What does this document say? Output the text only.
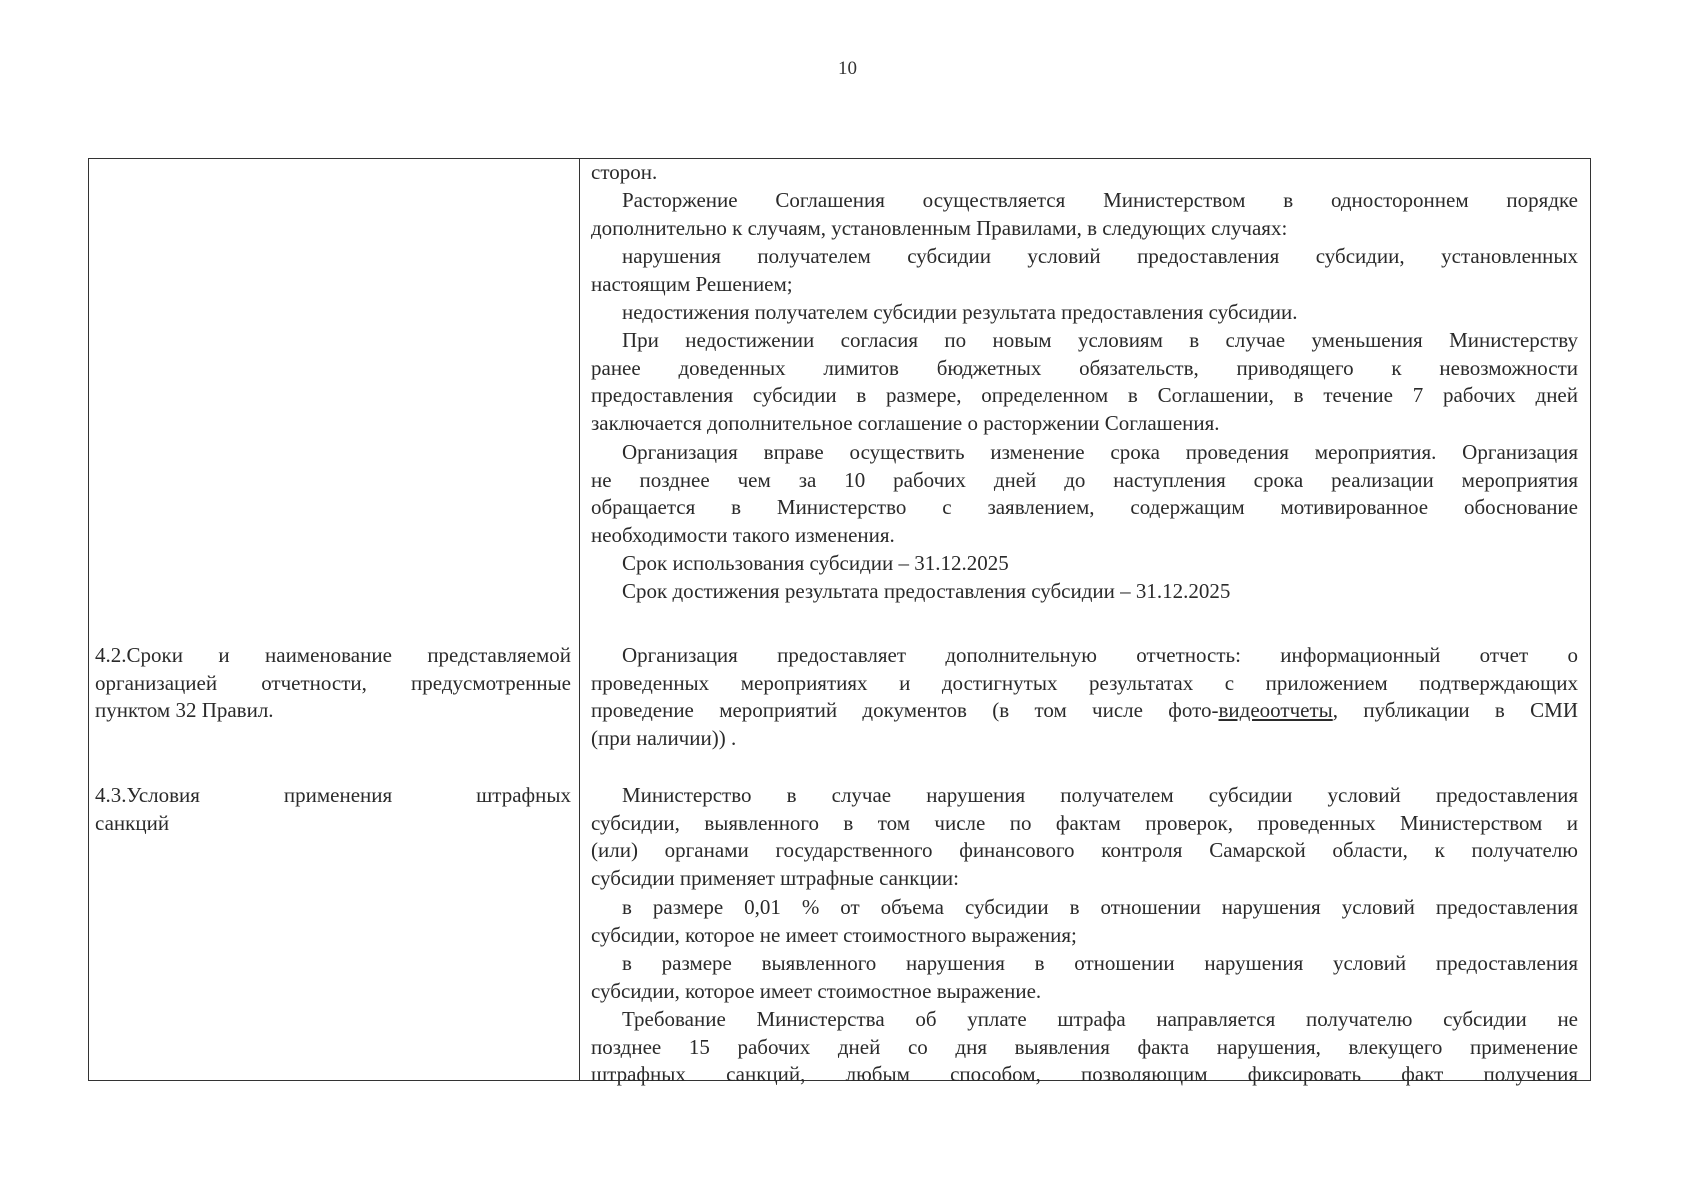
10
4.2.Сроки и наименование представляемой
организацией отчетности, предусмотренные
пунктом 32 Правил.
4.3.Условия применения штрафных
санкций
сторон.
Расторжение Соглашения осуществляется Министерством в одностороннем порядке
дополнительно к случаям, установленным Правилами, в следующих случаях:
нарушения получателем субсидии условий предоставления субсидии, установленных
настоящим Решением;
недостижения получателем субсидии результата предоставления субсидии.
При недостижении согласия по новым условиям в случае уменьшения Министерству
ранее доведенных лимитов бюджетных обязательств, приводящего к невозможности
предоставления субсидии в размере, определенном в Соглашении, в течение 7 рабочих дней
заключается дополнительное соглашение о расторжении Соглашения.
Организация вправе осуществить изменение срока проведения мероприятия. Организация
не позднее чем за 10 рабочих дней до наступления срока реализации мероприятия
обращается в Министерство с заявлением, содержащим мотивированное обоснование
необходимости такого изменения.
Срок использования субсидии – 31.12.2025
Срок достижения результата предоставления субсидии – 31.12.2025
Организация предоставляет дополнительную отчетность: информационный отчет о
проведенных мероприятиях и достигнутых результатах с приложением подтверждающих
проведение мероприятий документов (в том числе фото-видеоотчеты, публикации в СМИ
(при наличии)) .
Министерство в случае нарушения получателем субсидии условий предоставления
субсидии, выявленного в том числе по фактам проверок, проведенных Министерством и
(или) органами государственного финансового контроля Самарской области, к получателю
субсидии применяет штрафные санкции:
в размере 0,01 % от объема субсидии в отношении нарушения условий предоставления
субсидии, которое не имеет стоимостного выражения;
в размере выявленного нарушения в отношении нарушения условий предоставления
субсидии, которое имеет стоимостное выражение.
Требование Министерства об уплате штрафа направляется получателю субсидии не
позднее 15 рабочих дней со дня выявления факта нарушения, влекущего применение
штрафных санкций, любым способом, позволяющим фиксировать факт получения
